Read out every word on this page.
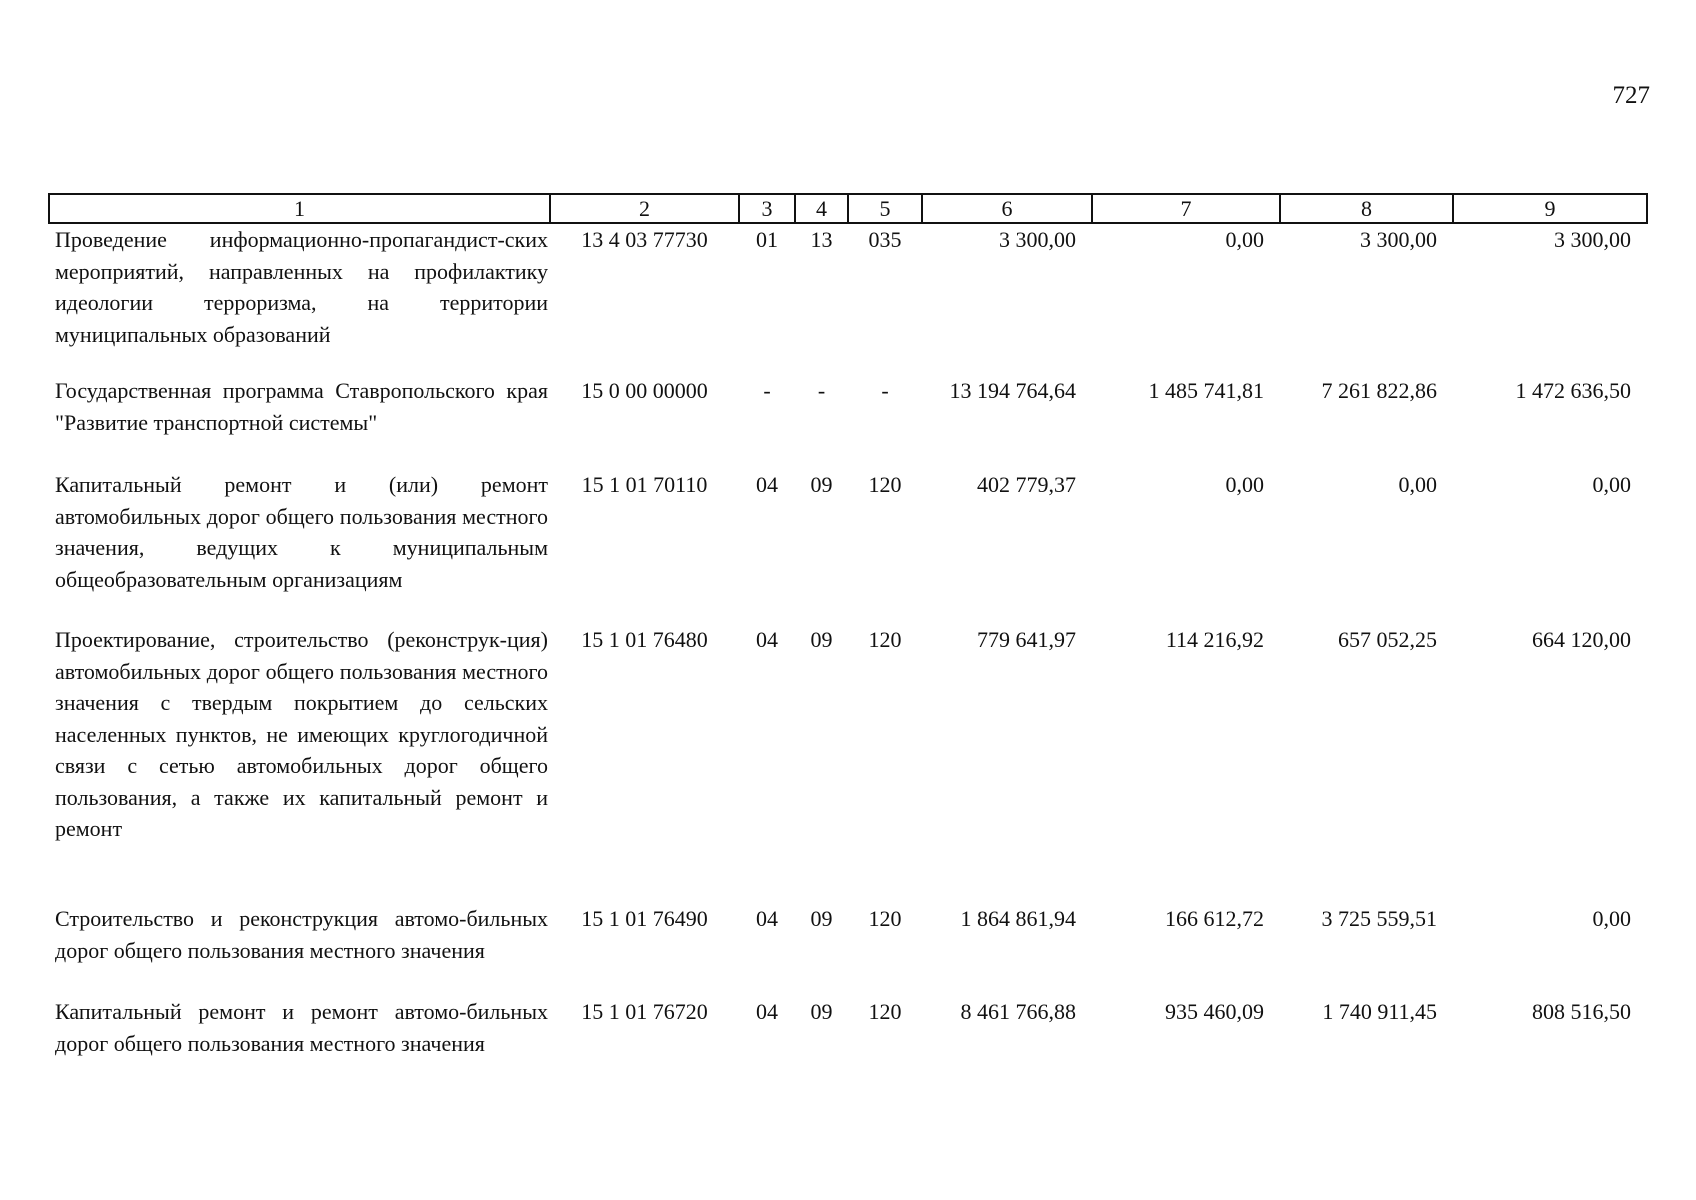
727
1	2	3	4	5	6	7	8	9
Проведение информационно-пропагандист-ских мероприятий, направленных на профилактику идеологии терроризма, на территории муниципальных образований	13 4 03 77730	01	13	035	3 300,00	0,00	3 300,00	3 300,00
Государственная программа Ставропольского края "Развитие транспортной системы"	15 0 00 00000	-	-	-	13 194 764,64	1 485 741,81	7 261 822,86	1 472 636,50
Капитальный ремонт и (или) ремонт автомобильных дорог общего пользования местного значения, ведущих к муниципальным общеобразовательным организациям	15 1 01 70110	04	09	120	402 779,37	0,00	0,00	0,00
Проектирование, строительство (реконструк-ция) автомобильных дорог общего пользования местного значения с твердым покрытием до сельских населенных пунктов, не имеющих круглогодичной связи с сетью автомобильных дорог общего пользования, а также их капитальный ремонт и ремонт	15 1 01 76480	04	09	120	779 641,97	114 216,92	657 052,25	664 120,00
Строительство и реконструкция автомо-бильных дорог общего пользования местного значения	15 1 01 76490	04	09	120	1 864 861,94	166 612,72	3 725 559,51	0,00
Капитальный ремонт и ремонт автомо-бильных дорог общего пользования местного значения	15 1 01 76720	04	09	120	8 461 766,88	935 460,09	1 740 911,45	808 516,50
